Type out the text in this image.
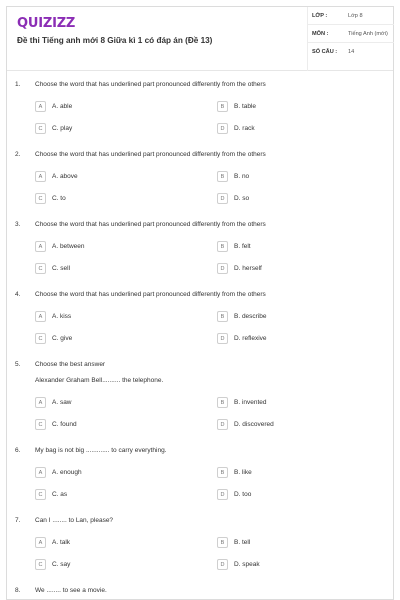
QUIZIZZ
Đề thi Tiếng anh mới 8 Giữa kì 1 có đáp án (Đề 13)
LỚP :	Lớp 8
MÔN :	Tiếng Anh (mới)
SỐ CÂU : 14
1. Choose the word that has underlined part pronounced differently from the others
A	A. able	B	B. table
C	C. play	D	D. rack
2. Choose the word that has underlined part pronounced differently from the others
A	A. above	B	B. no
C	C. to	D	D. so
3. Choose the word that has underlined part pronounced differently from the others
A	A. between	B	B. felt
C	C. sell	D	D. herself
4. Choose the word that has underlined part pronounced differently from the others
A	A. kiss	B	B. describe
C	C. give	D	D. reflexive
5. Choose the best answer
Alexander Graham Bell.......... the telephone.
A	A. saw	B	B. invented
C	C. found	D	D. discovered
6. My bag is not big ............. to carry everything.
A	A. enough	B	B. like
C	C. as	D	D. too
7. Can I ........ to Lan, please?
A	A. talk	B	B. tell
C	C. say	D	D. speak
8. We ........ to see a movie.
